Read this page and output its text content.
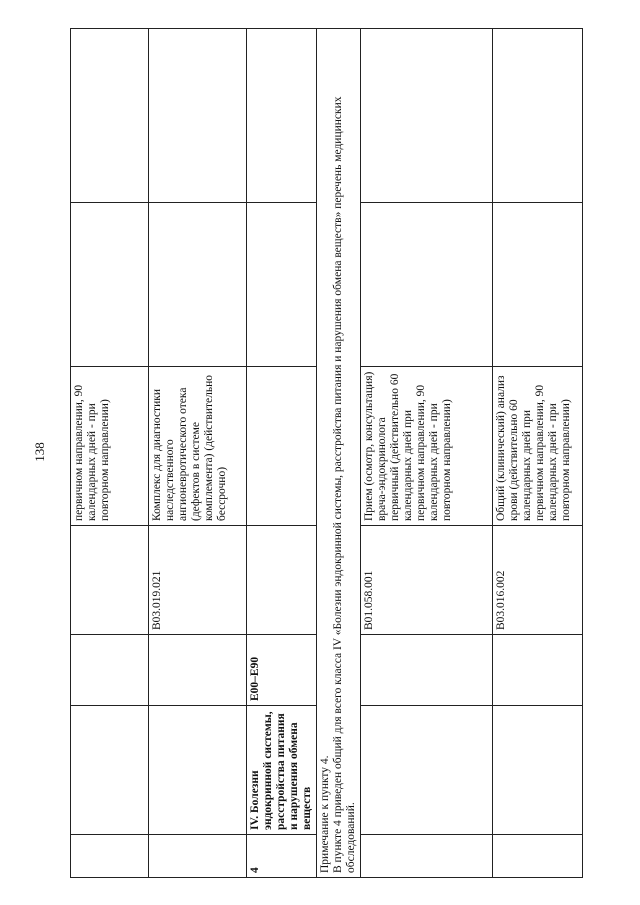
138
				первичном направлении, 90 календарных дней - при повторном направлении)		
			B03.019.021	Комплекс для диагностики наследственного ангионевротического отека (дефектов в системе комплемента) (действительно бессрочно)		
4	IV. Болезни эндокринной системы, расстройства питания и нарушения обмена веществ	E00–E90				

Примечание к пункту 4. В пункте 4 приведен общий для всего класса IV «Болезни эндокринной системы, расстройства питания и нарушения обмена веществ» перечень медицинских обследований.						

			B01.058.001	Прием (осмотр, консультация) врача-эндокринолога первичный (действительно 60 календарных дней при первичном направлении, 90 календарных дней - при повторном направлении)		
			B03.016.002	Общий (клинический) анализ крови (действительно 60 календарных дней при первичном направлении, 90 календарных дней - при повторном направлении)		
